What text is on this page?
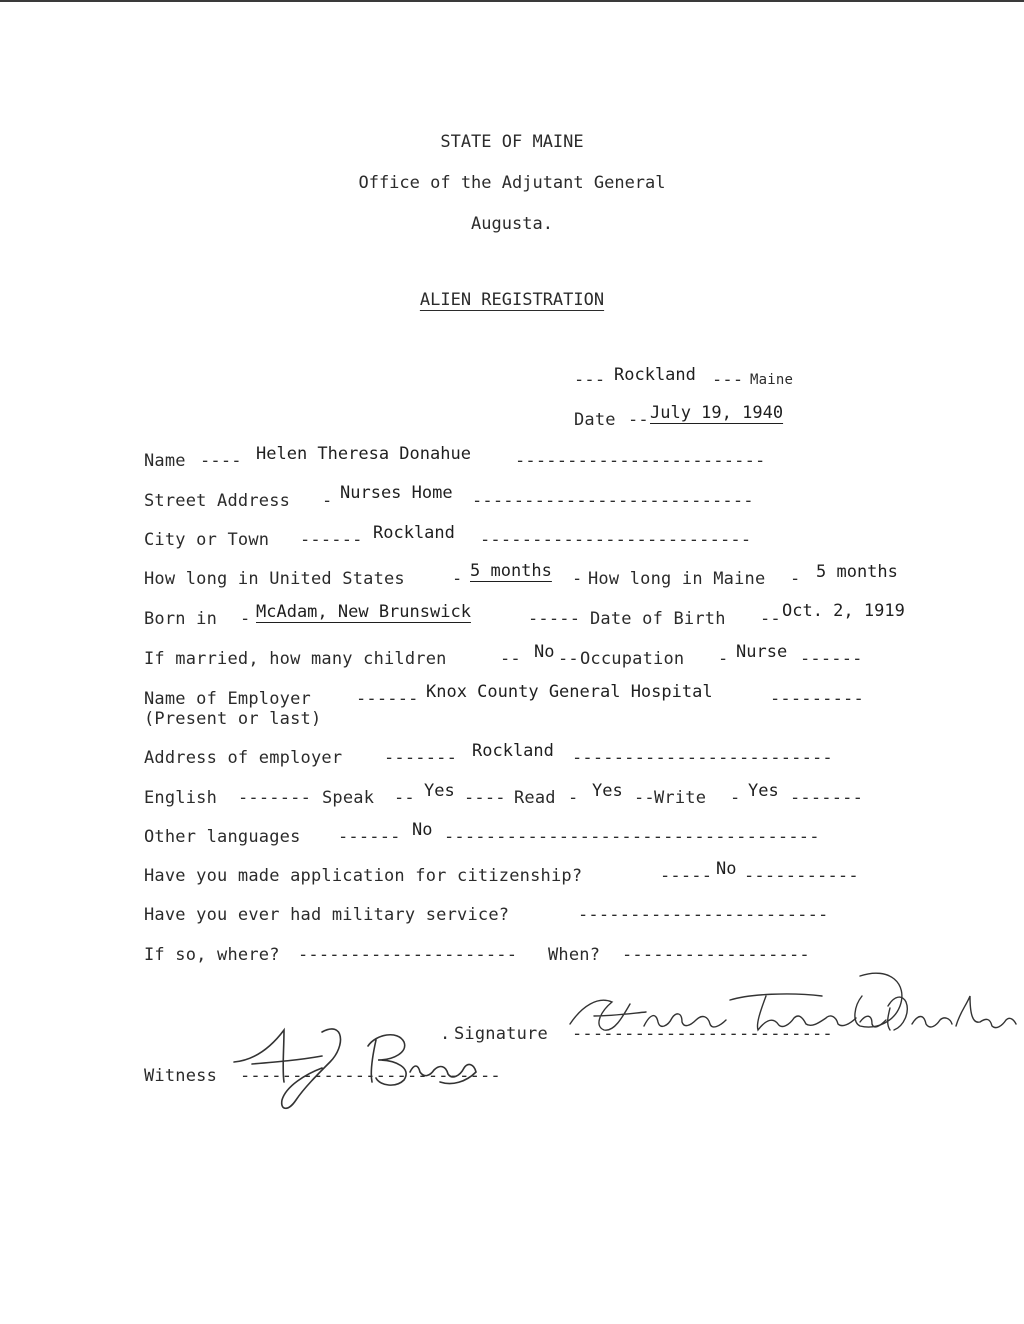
STATE OF MAINE
Office of the Adjutant General
Augusta.
ALIEN REGISTRATION
--- Rockland --- Maine
Date -- July 19, 1940
Name ---- Helen Theresa Donahue	------------------------
Street Address - Nurses Home ---------------------------
City or Town ------ Rockland --------------------------
How long in United States	- 5 months - How long in Maine - 5 months
Born in - McAdam, New Brunswick	----- Date of Birth -- Oct. 2, 1919
If married, how many children	-- No -- Occupation - Nurse ------
Name of Employer
(Present or last)
------ Knox County General Hospital	---------
Address of employer ------- Rockland -------------------------
English ------- Speak -- Yes ---- Read - Yes -- Write - Yes -------
Other languages ------ No ------------------------------------
Have you made application for citizenship?	----- No -----------
Have you ever had military service?	------------------------
If so, where? --------------------- When? ------------------
. Signature -------------------------
Witness -------------------------
